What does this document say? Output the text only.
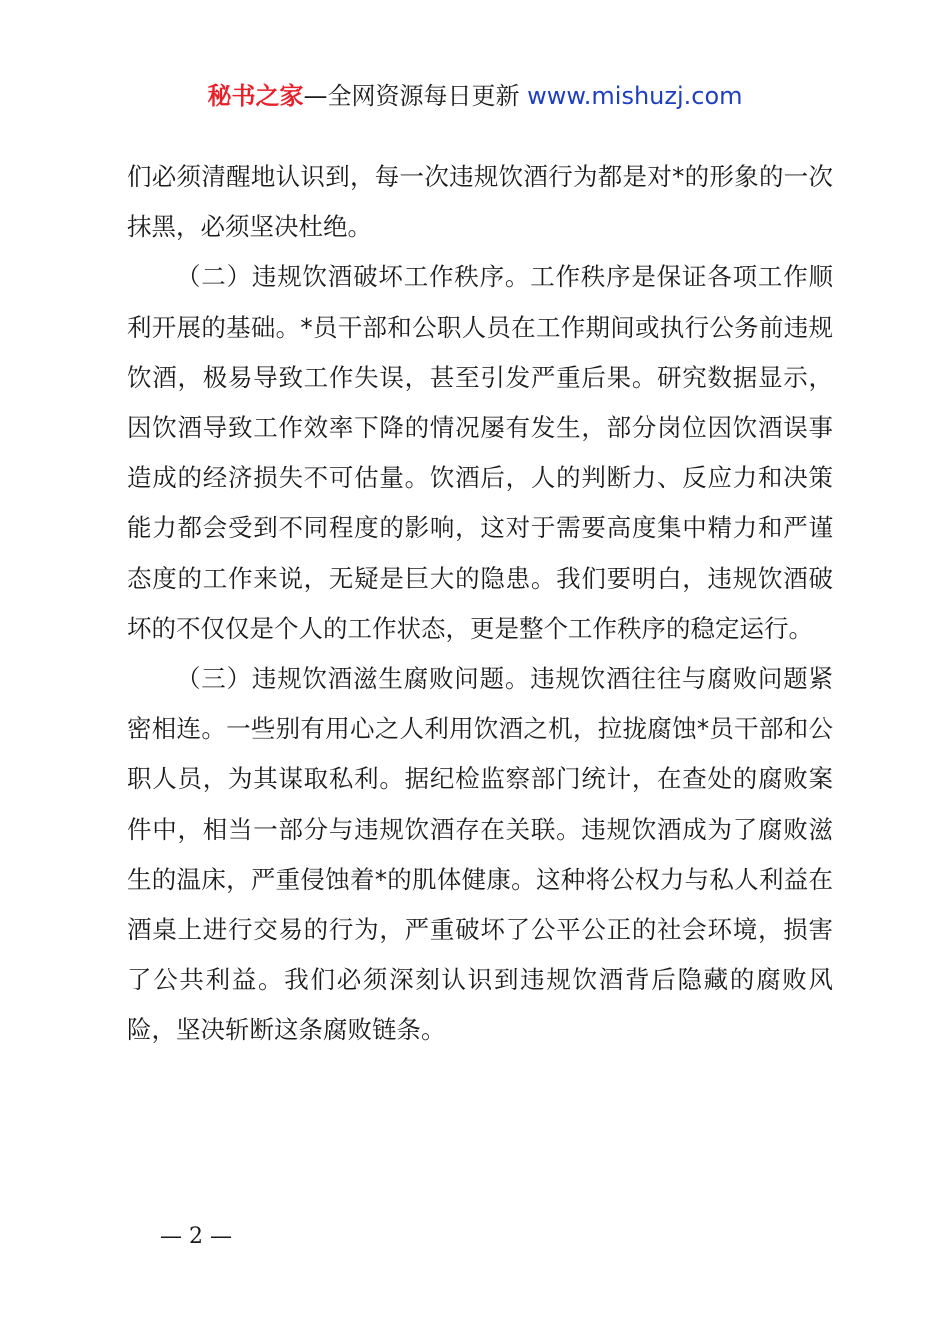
秘书之家—全网资源每日更新 www.mishuzj.com

们必须清醒地认识到，每一次违规饮酒行为都是对*的形象的一次抹黑，必须坚决杜绝。

（二）违规饮酒破坏工作秩序。工作秩序是保证各项工作顺利开展的基础。*员干部和公职人员在工作期间或执行公务前违规饮酒，极易导致工作失误，甚至引发严重后果。研究数据显示，因饮酒导致工作效率下降的情况屡有发生，部分岗位因饮酒误事造成的经济损失不可估量。饮酒后，人的判断力、反应力和决策能力都会受到不同程度的影响，这对于需要高度集中精力和严谨态度的工作来说，无疑是巨大的隐患。我们要明白，违规饮酒破坏的不仅仅是个人的工作状态，更是整个工作秩序的稳定运行。

（三）违规饮酒滋生腐败问题。违规饮酒往往与腐败问题紧密相连。一些别有用心之人利用饮酒之机，拉拢腐蚀*员干部和公职人员，为其谋取私利。据纪检监察部门统计，在查处的腐败案件中，相当一部分与违规饮酒存在关联。违规饮酒成为了腐败滋生的温床，严重侵蚀着*的肌体健康。这种将公权力与私人利益在酒桌上进行交易的行为，严重破坏了公平公正的社会环境，损害了公共利益。我们必须深刻认识到违规饮酒背后隐藏的腐败风险，坚决斩断这条腐败链条。

— 2 —
